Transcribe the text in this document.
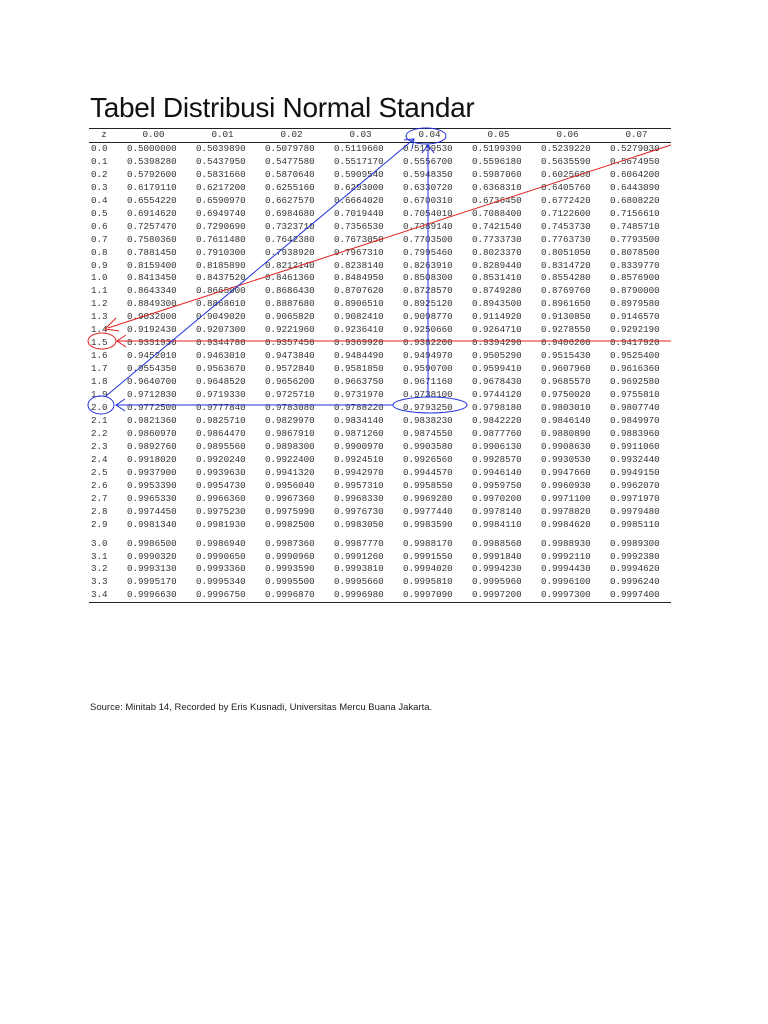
Tabel Distribusi Normal Standar
z	0.00	0.01	0.02	0.03	0.04	0.05	0.06	0.07
0.0	0.5000000	0.5039890	0.5079780	0.5119660	0.5159530	0.5199390	0.5239220	0.5279030
0.1	0.5398280	0.5437950	0.5477580	0.5517170	0.5556700	0.5596180	0.5635590	0.5674950
0.2	0.5792600	0.5831660	0.5870640	0.5909540	0.5948350	0.5987060	0.6025680	0.6064200
0.3	0.6179110	0.6217200	0.6255160	0.6293000	0.6330720	0.6368310	0.6405760	0.6443090
0.4	0.6554220	0.6590970	0.6627570	0.6664020	0.6700310	0.6736450	0.6772420	0.6808220
0.5	0.6914620	0.6949740	0.6984680	0.7019440	0.7054010	0.7088400	0.7122600	0.7156610
0.6	0.7257470	0.7290690	0.7323710	0.7356530	0.7389140	0.7421540	0.7453730	0.7485710
0.7	0.7580360	0.7611480	0.7642380	0.7673050	0.7703500	0.7733730	0.7763730	0.7793500
0.8	0.7881450	0.7910300	0.7938920	0.7967310	0.7995460	0.8023370	0.8051050	0.8078500
0.9	0.8159400	0.8185890	0.8212140	0.8238140	0.8263910	0.8289440	0.8314720	0.8339770
1.0	0.8413450	0.8437520	0.8461360	0.8484950	0.8508300	0.8531410	0.8554280	0.8576900
1.1	0.8643340	0.8665000	0.8686430	0.8707620	0.8728570	0.8749280	0.8769760	0.8790000
1.2	0.8849300	0.8868610	0.8887680	0.8906510	0.8925120	0.8943500	0.8961650	0.8979580
1.3	0.9032000	0.9049020	0.9065820	0.9082410	0.9098770	0.9114920	0.9130850	0.9146570
1.4	0.9192430	0.9207300	0.9221960	0.9236410	0.9250660	0.9264710	0.9278550	0.9292190
1.5	0.9331930	0.9344780	0.9357450	0.9369920	0.9382200	0.9394290	0.9406200	0.9417920
1.6	0.9452010	0.9463010	0.9473840	0.9484490	0.9494970	0.9505290	0.9515430	0.9525400
1.7	0.9554350	0.9563670	0.9572840	0.9581850	0.9590700	0.9599410	0.9607960	0.9616360
1.8	0.9640700	0.9648520	0.9656200	0.9663750	0.9671160	0.9678430	0.9685570	0.9692580
1.9	0.9712830	0.9719330	0.9725710	0.9731970	0.9738100	0.9744120	0.9750020	0.9755810
2.0	0.9772500	0.9777840	0.9783080	0.9788220	0.9793250	0.9798180	0.9803010	0.9807740
2.1	0.9821360	0.9825710	0.9829970	0.9834140	0.9838230	0.9842220	0.9846140	0.9849970
2.2	0.9860970	0.9864470	0.9867910	0.9871260	0.9874550	0.9877760	0.9880890	0.9883960
2.3	0.9892760	0.9895560	0.9898300	0.9900970	0.9903580	0.9906130	0.9908630	0.9911060
2.4	0.9918020	0.9920240	0.9922400	0.9924510	0.9926560	0.9928570	0.9930530	0.9932440
2.5	0.9937900	0.9939630	0.9941320	0.9942970	0.9944570	0.9946140	0.9947660	0.9949150
2.6	0.9953390	0.9954730	0.9956040	0.9957310	0.9958550	0.9959750	0.9960930	0.9962070
2.7	0.9965330	0.9966360	0.9967360	0.9968330	0.9969280	0.9970200	0.9971100	0.9971970
2.8	0.9974450	0.9975230	0.9975990	0.9976730	0.9977440	0.9978140	0.9978820	0.9979480
2.9	0.9981340	0.9981930	0.9982500	0.9983050	0.9983590	0.9984110	0.9984620	0.9985110

3.0	0.9986500	0.9986940	0.9987360	0.9987770	0.9988170	0.9988560	0.9988930	0.9989300
3.1	0.9990320	0.9990650	0.9990960	0.9991260	0.9991550	0.9991840	0.9992110	0.9992380
3.2	0.9993130	0.9993360	0.9993590	0.9993810	0.9994020	0.9994230	0.9994430	0.9994620
3.3	0.9995170	0.9995340	0.9995500	0.9995660	0.9995810	0.9995960	0.9996100	0.9996240
3.4	0.9996630	0.9996750	0.9996870	0.9996980	0.9997090	0.9997200	0.9997300	0.9997400
Source: Minitab 14, Recorded by Eris Kusnadi, Universitas Mercu Buana Jakarta.
